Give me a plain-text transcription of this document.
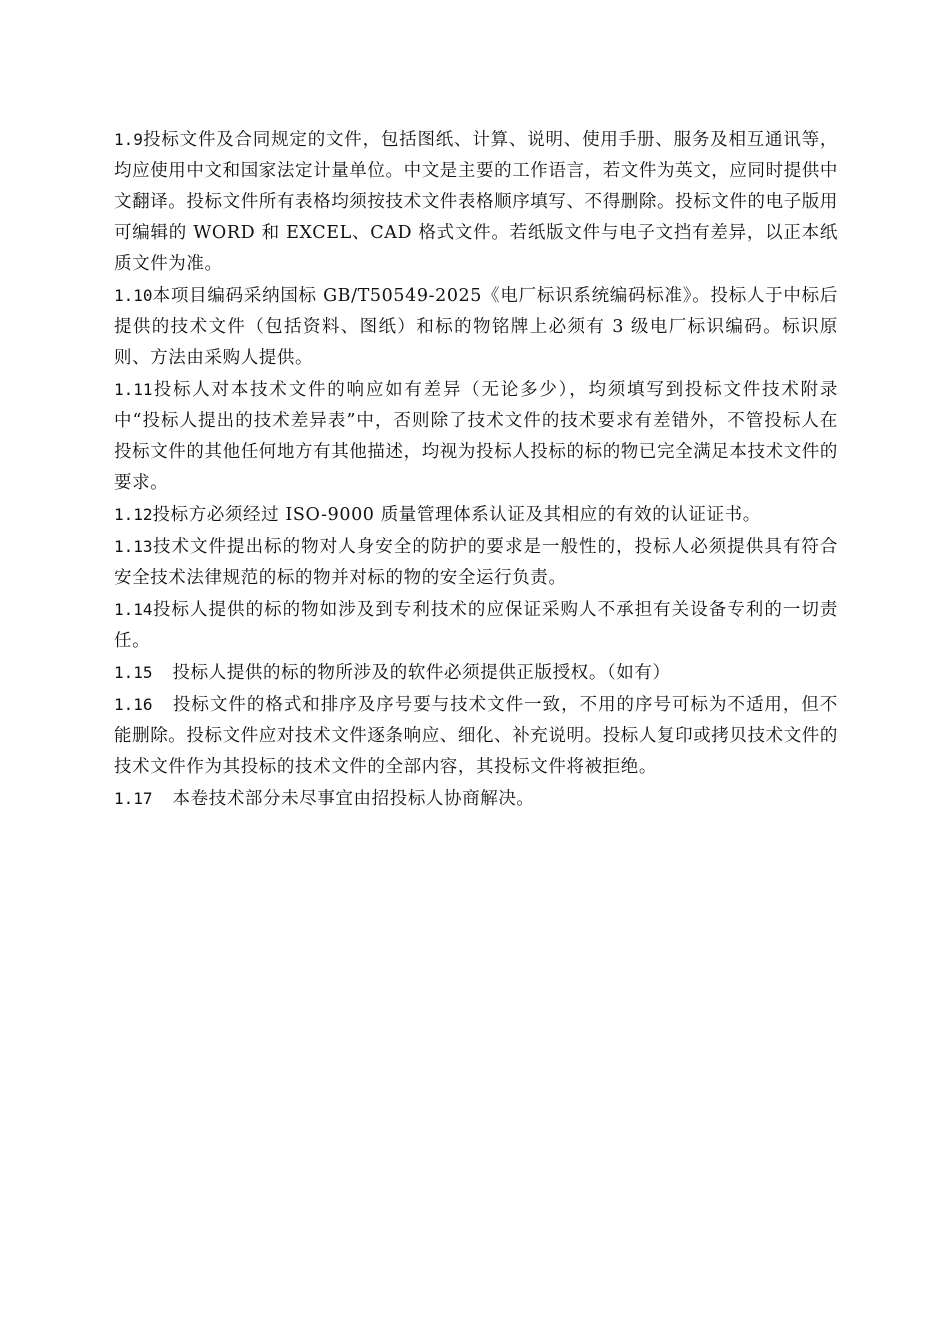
1.9投标文件及合同规定的文件，包括图纸、计算、说明、使用手册、服务及相互通讯等，均应使用中文和国家法定计量单位。中文是主要的工作语言，若文件为英文，应同时提供中文翻译。投标文件所有表格均须按技术文件表格顺序填写、不得删除。投标文件的电子版用可编辑的 WORD 和 EXCEL、CAD 格式文件。若纸版文件与电子文挡有差异，以正本纸质文件为准。

1.10本项目编码采纳国标 GB/T50549-2025《电厂标识系统编码标准》。投标人于中标后提供的技术文件（包括资料、图纸）和标的物铭牌上必须有 3 级电厂标识编码。标识原则、方法由采购人提供。

1.11投标人对本技术文件的响应如有差异（无论多少），均须填写到投标文件技术附录中“投标人提出的技术差异表”中，否则除了技术文件的技术要求有差错外，不管投标人在投标文件的其他任何地方有其他描述，均视为投标人投标的标的物已完全满足本技术文件的要求。

1.12投标方必须经过 ISO-9000 质量管理体系认证及其相应的有效的认证证书。

1.13技术文件提出标的物对人身安全的防护的要求是一般性的，投标人必须提供具有符合安全技术法律规范的标的物并对标的物的安全运行负责。

1.14投标人提供的标的物如涉及到专利技术的应保证采购人不承担有关设备专利的一切责任。

1.15 投标人提供的标的物所涉及的软件必须提供正版授权。（如有）

1.16 投标文件的格式和排序及序号要与技术文件一致，不用的序号可标为不适用，但不能删除。投标文件应对技术文件逐条响应、细化、补充说明。投标人复印或拷贝技术文件的技术文件作为其投标的技术文件的全部内容，其投标文件将被拒绝。

1.17 本卷技术部分未尽事宜由招投标人协商解决。
